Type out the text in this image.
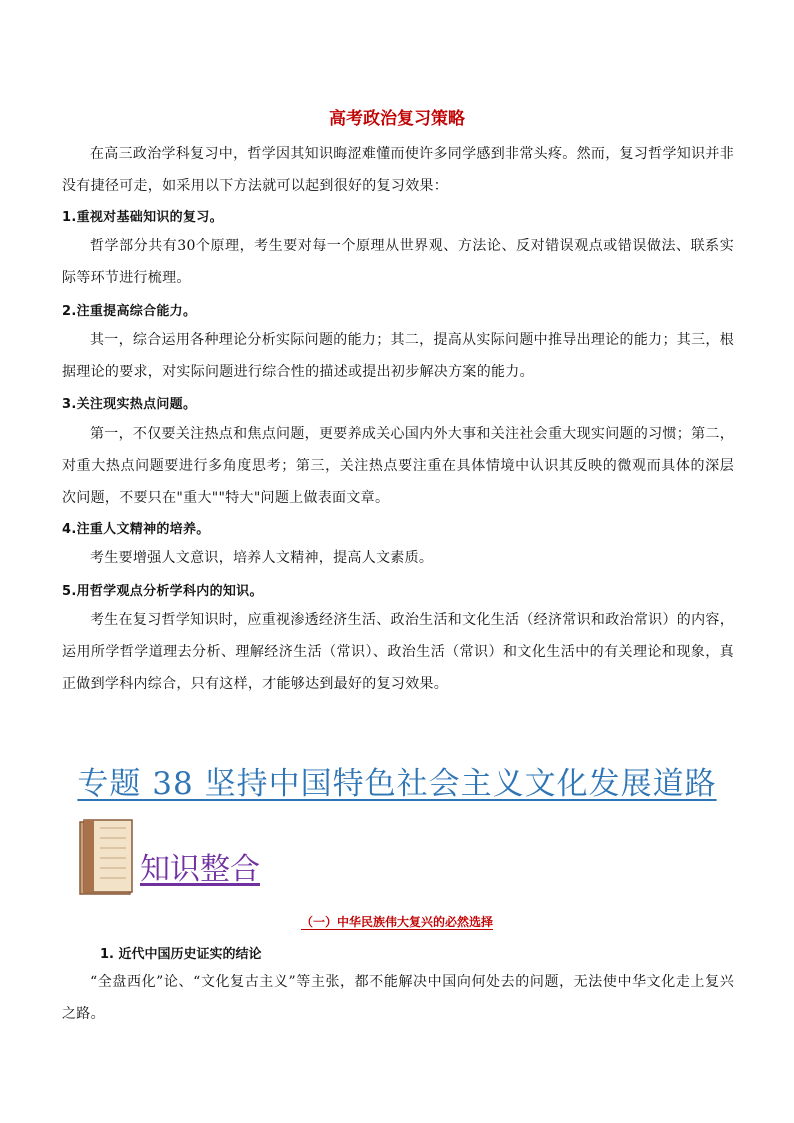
高考政治复习策略
在高三政治学科复习中，哲学因其知识晦涩难懂而使许多同学感到非常头疼。然而，复习哲学知识并非没有捷径可走，如采用以下方法就可以起到很好的复习效果：
1.重视对基础知识的复习。
哲学部分共有30个原理，考生要对每一个原理从世界观、方法论、反对错误观点或错误做法、联系实际等环节进行梳理。
2.注重提高综合能力。
其一，综合运用各种理论分析实际问题的能力；其二，提高从实际问题中推导出理论的能力；其三，根据理论的要求，对实际问题进行综合性的描述或提出初步解决方案的能力。
3.关注现实热点问题。
第一，不仅要关注热点和焦点问题，更要养成关心国内外大事和关注社会重大现实问题的习惯；第二，对重大热点问题要进行多角度思考；第三，关注热点要注重在具体情境中认识其反映的微观而具体的深层次问题，不要只在"重大""特大"问题上做表面文章。
4.注重人文精神的培养。
考生要增强人文意识，培养人文精神，提高人文素质。
5.用哲学观点分析学科内的知识。
考生在复习哲学知识时，应重视渗透经济生活、政治生活和文化生活（经济常识和政治常识）的内容，运用所学哲学道理去分析、理解经济生活（常识）、政治生活（常识）和文化生活中的有关理论和现象，真正做到学科内综合，只有这样，才能够达到最好的复习效果。
专题 38 坚持中国特色社会主义文化发展道路
知识整合
（一）中华民族伟大复兴的必然选择
1. 近代中国历史证实的结论
“全盘西化”论、“文化复古主义”等主张，都不能解决中国向何处去的问题，无法使中华文化走上复兴之路。
